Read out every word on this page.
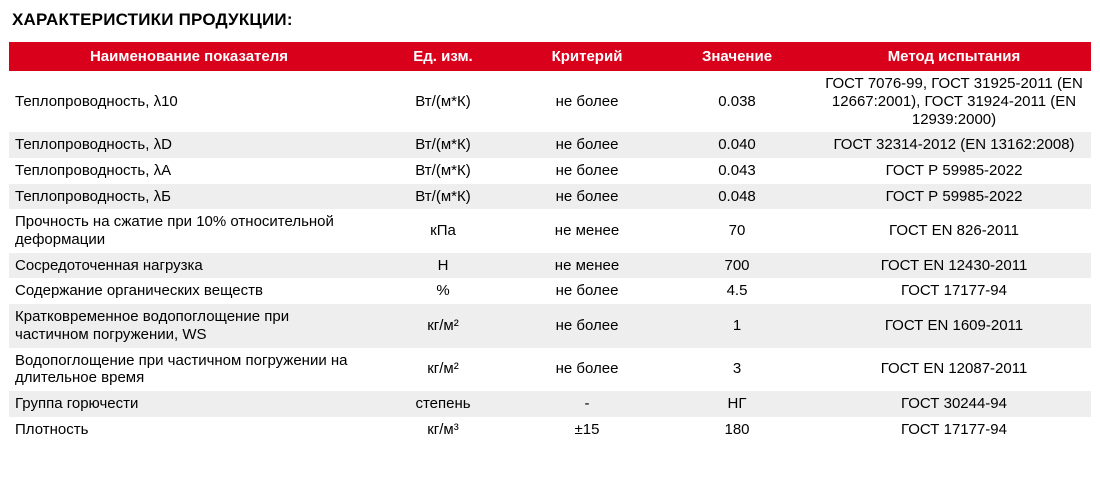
ХАРАКТЕРИСТИКИ ПРОДУКЦИИ:
Наименование показателя	Ед. изм.	Критерий	Значение	Метод испытания
Теплопроводность, λ10	Вт/(м*К)	не более	0.038	ГОСТ 7076-99, ГОСТ 31925-2011 (EN 12667:2001), ГОСТ 31924-2011 (EN 12939:2000)
Теплопроводность, λD	Вт/(м*К)	не более	0.040	ГОСТ 32314-2012 (EN 13162:2008)
Теплопроводность, λА	Вт/(м*К)	не более	0.043	ГОСТ Р 59985-2022
Теплопроводность, λБ	Вт/(м*К)	не более	0.048	ГОСТ Р 59985-2022
Прочность на сжатие при 10% относительной деформации	кПа	не менее	70	ГОСТ EN 826-2011
Сосредоточенная нагрузка	Н	не менее	700	ГОСТ EN 12430-2011
Содержание органических веществ	%	не более	4.5	ГОСТ 17177-94
Кратковременное водопоглощение при частичном погружении, WS	кг/м²	не более	1	ГОСТ EN 1609-2011
Водопоглощение при частичном погружении на длительное время	кг/м²	не более	3	ГОСТ EN 12087-2011
Группа горючести	степень	-	НГ	ГОСТ 30244-94
Плотность	кг/м³	±15	180	ГОСТ 17177-94
